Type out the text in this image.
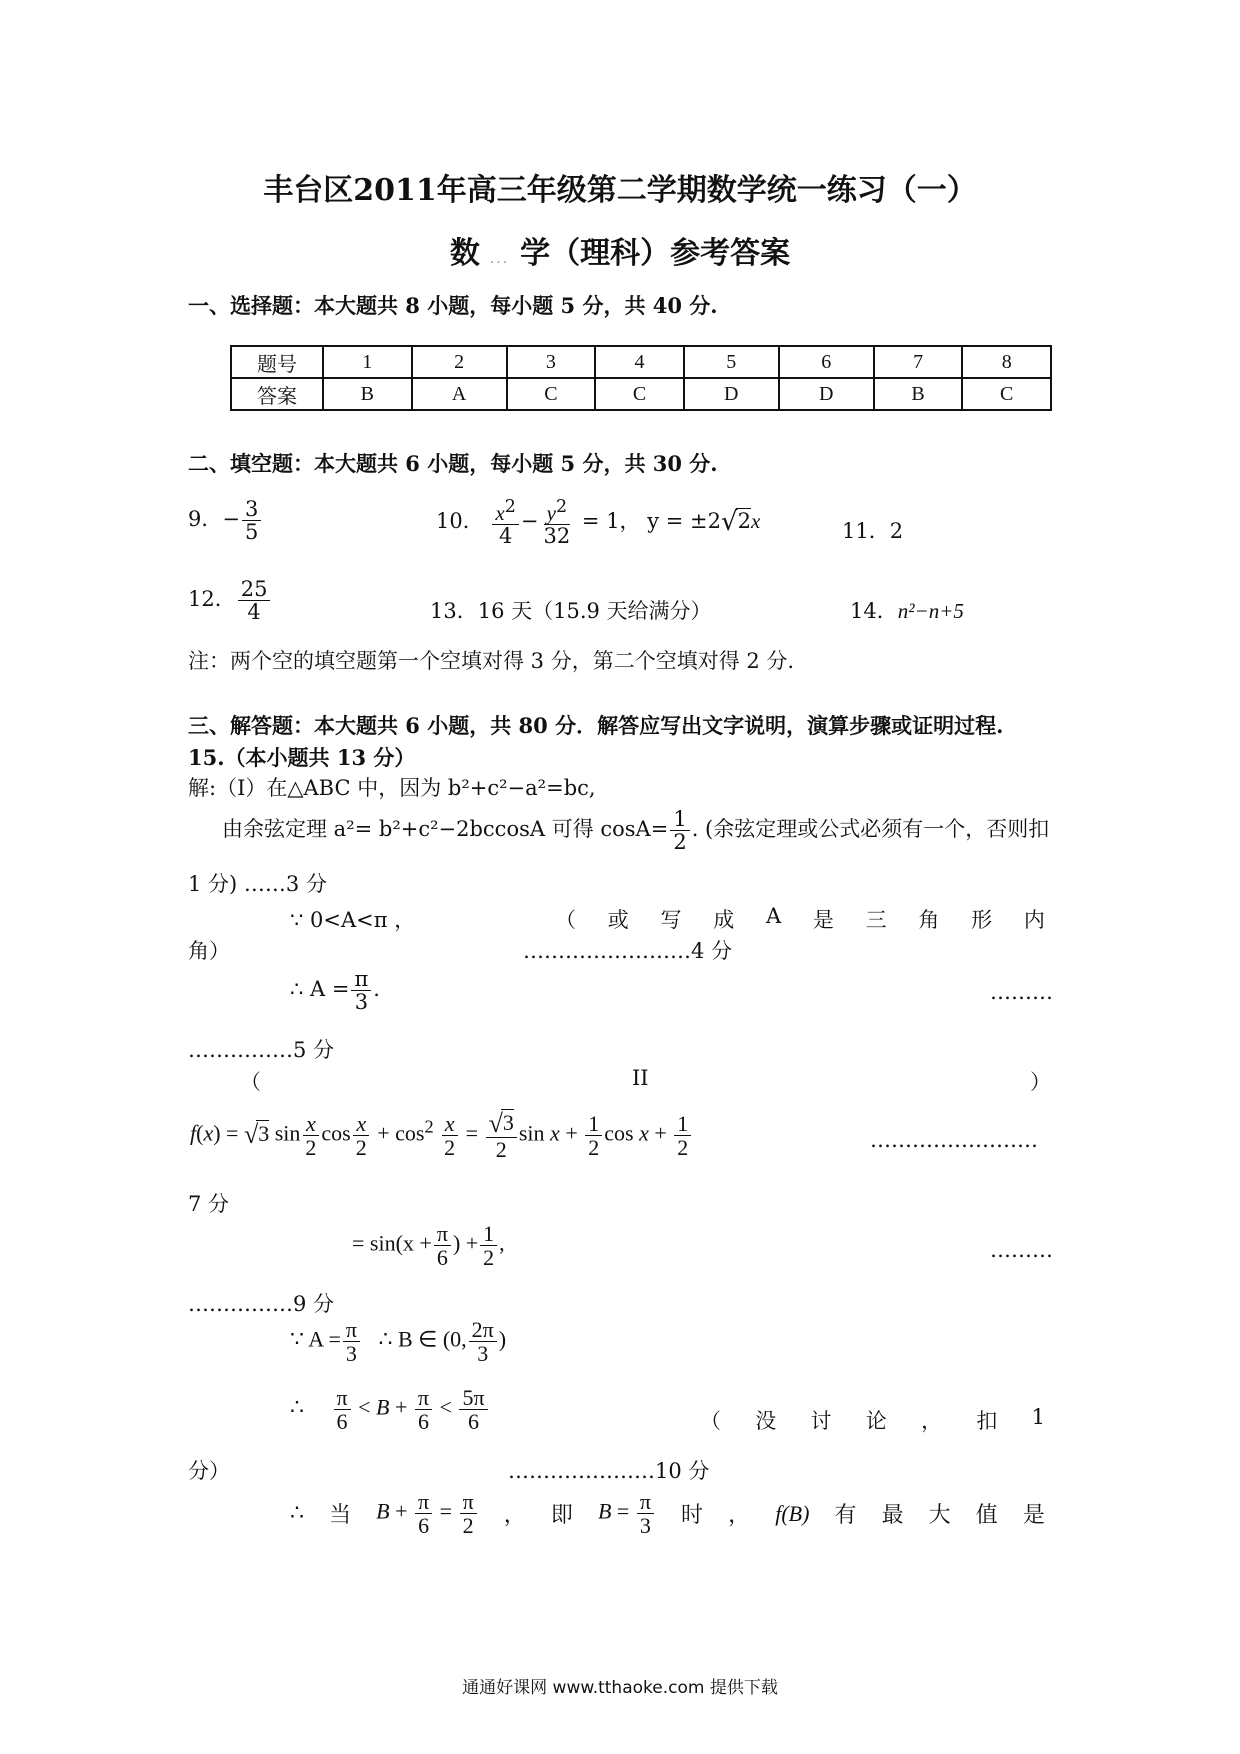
丰台区2011年高三年级第二学期数学统一练习（一）
数 ... 学（理科）参考答案
一、选择题：本大题共 8 小题，每小题 5 分，共 40 分.
题号	1	2	3	4	5	6	7	8
答案	B	A	C	C	D	D	B	C
二、填空题：本大题共 6 小题，每小题 5 分，共 30 分.
9．− $\frac{3}{5}$	10． $\frac{x^2}{4} - \frac{y^2}{32} = 1$， y = ±2√2x	11．2
12． $\frac{25}{4}$	13．16 天（15.9 天给满分）	14．n²−n+5
注：两个空的填空题第一个空填对得 3 分，第二个空填对得 2 分.
三、解答题：本大题共 6 小题，共 80 分．解答应写出文字说明，演算步骤或证明过程.
15.（本小题共 13 分）
解:（Ⅰ）在△ABC 中，因为 b²+c²−a²=bc,
由余弦定理 a²= b²+c²−2bccosA 可得 $\cos A= \frac{1}{2}$ . (余弦定理或公式必须有一个，否则扣
1 分) ……3 分
∵ 0<A<π ，	（ 或 写 成 A 是 三 角 形 内
角）	……………………4 分
∴ $A = \frac{\pi}{3}$ .	………
……………5 分
（	II	）
f(x) = √3 $\sin \frac{x}{2}$ $\cos \frac{x}{2} + \cos^2 \frac{x}{2} = \frac{√3}{2}$ $\sin x + \frac{1}{2}$ $\cos x + \frac{1}{2}$	……………………
7 分
= $\sin(x + \frac{\pi}{6}$ ) + $\frac{1}{2}$ ,	………
……………9 分
∵ $A = \frac{\pi}{3}$ ∴ B ∈ (0, $\frac{2\pi}{3}$ )
∴ $\frac{\pi}{6} < B + \frac{\pi}{6} < \frac{5\pi}{6}$	（ 没 讨 论 ， 扣 1
分）	…………………10 分
∴ 当 $B + \frac{\pi}{6} = \frac{\pi}{2}$ ， 即 $B = \frac{\pi}{3}$ 时 ， f(B) 有 最 大 值 是
通通好课网 www.tthaoke.com 提供下载
